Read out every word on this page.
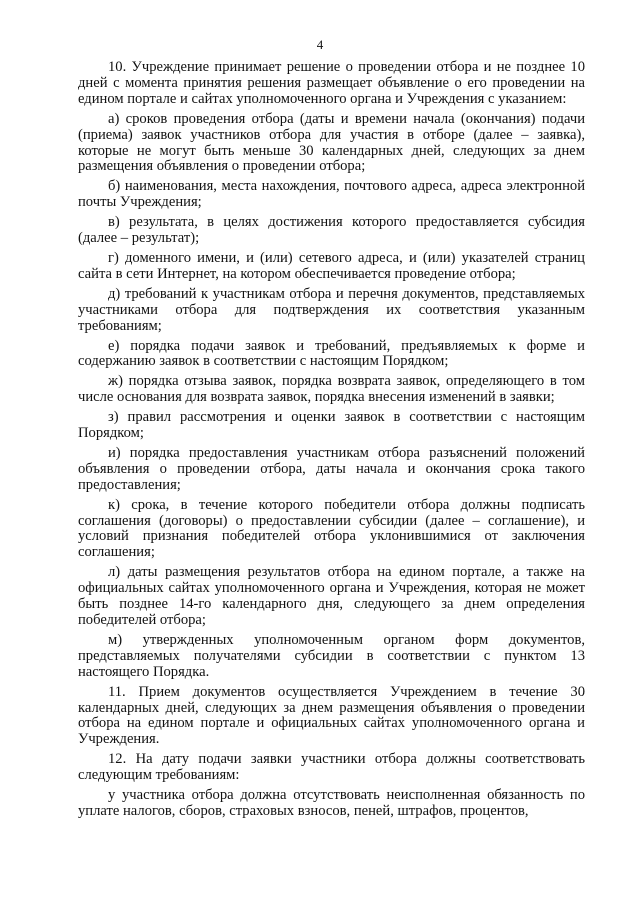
4

10. Учреждение принимает решение о проведении отбора и не позднее 10 дней с момента принятия решения размещает объявление о его проведении на едином портале и сайтах уполномоченного органа и Учреждения с указанием:

а) сроков проведения отбора (даты и времени начала (окончания) подачи (приема) заявок участников отбора для участия в отборе (далее – заявка), которые не могут быть меньше 30 календарных дней, следующих за днем размещения объявления о проведении отбора;

б) наименования, места нахождения, почтового адреса, адреса электронной почты Учреждения;

в) результата, в целях достижения которого предоставляется субсидия (далее – результат);

г) доменного имени, и (или) сетевого адреса, и (или) указателей страниц сайта в сети Интернет, на котором обеспечивается проведение отбора;

д) требований к участникам отбора и перечня документов, представляемых участниками отбора для подтверждения их соответствия указанным требованиям;

е) порядка подачи заявок и требований, предъявляемых к форме и содержанию заявок в соответствии с настоящим Порядком;

ж) порядка отзыва заявок, порядка возврата заявок, определяющего в том числе основания для возврата заявок, порядка внесения изменений в заявки;

з) правил рассмотрения и оценки заявок в соответствии с настоящим Порядком;

и) порядка предоставления участникам отбора разъяснений положений объявления о проведении отбора, даты начала и окончания срока такого предоставления;

к) срока, в течение которого победители отбора должны подписать соглашения (договоры) о предоставлении субсидии (далее – соглашение), и условий признания победителей отбора уклонившимися от заключения соглашения;

л) даты размещения результатов отбора на едином портале, а также на официальных сайтах уполномоченного органа и Учреждения, которая не может быть позднее 14-го календарного дня, следующего за днем определения победителей отбора;

м) утвержденных уполномоченным органом форм документов, представляемых получателями субсидии в соответствии с пунктом 13 настоящего Порядка.

11. Прием документов осуществляется Учреждением в течение 30 календарных дней, следующих за днем размещения объявления о проведении отбора на едином портале и официальных сайтах уполномоченного органа и Учреждения.

12. На дату подачи заявки участники отбора должны соответствовать следующим требованиям:

у участника отбора должна отсутствовать неисполненная обязанность по уплате налогов, сборов, страховых взносов, пеней, штрафов, процентов,
